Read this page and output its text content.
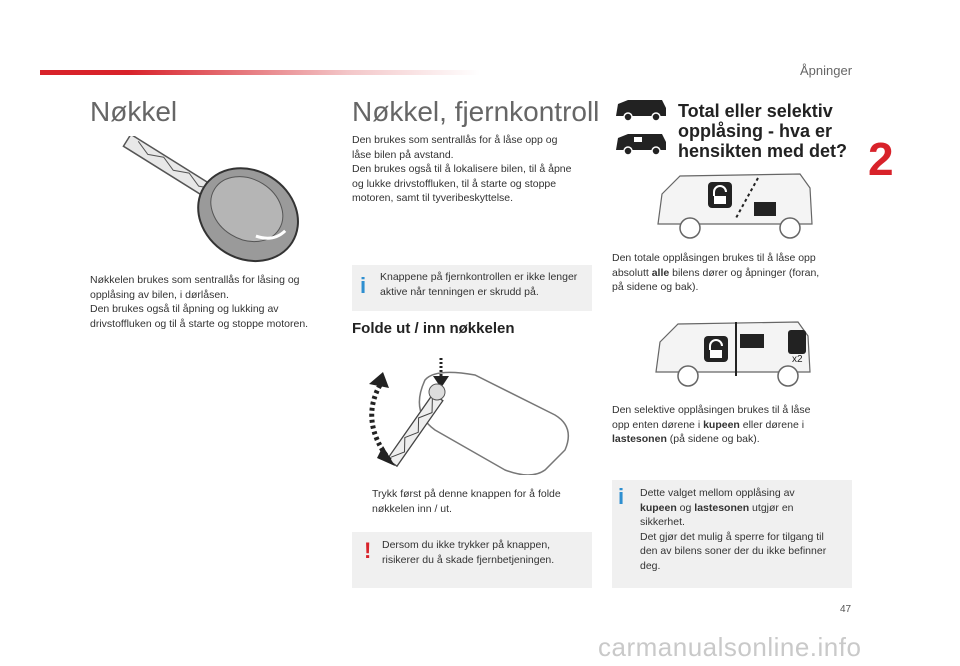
Åpninger
2
Nøkkel
Nøkkelen brukes som sentrallås for låsing og
opplåsing av bilen, i dørlåsen.
Den brukes også til åpning og lukking av
drivstoffluken og til å starte og stoppe motoren.
Nøkkel, fjernkontroll
Den brukes som sentrallås for å låse opp og
låse bilen på avstand.
Den brukes også til å lokalisere bilen, til å åpne
og lukke drivstoffluken, til å starte og stoppe
motoren, samt til tyveribeskyttelse.
i Knappene på fjernkontrollen er ikke lenger
aktive når tenningen er skrudd på.
Folde ut / inn nøkkelen
Trykk først på denne knappen for å folde
nøkkelen inn / ut.
! Dersom du ikke trykker på knappen,
risikerer du å skade fjernbetjeningen.
Total eller selektiv
opplåsing - hva er
hensikten med det?
Den totale opplåsingen brukes til å låse opp
absolutt alle bilens dører og åpninger (foran,
på sidene og bak).
x2
Den selektive opplåsingen brukes til å låse
opp enten dørene i kupeen eller dørene i
lastesonen (på sidene og bak).
i Dette valget mellom opplåsing av
kupeen og lastesonen utgjør en
sikkerhet.
Det gjør det mulig å sperre for tilgang til
den av bilens soner der du ikke befinner
deg.
47
carmanualsonline.info
